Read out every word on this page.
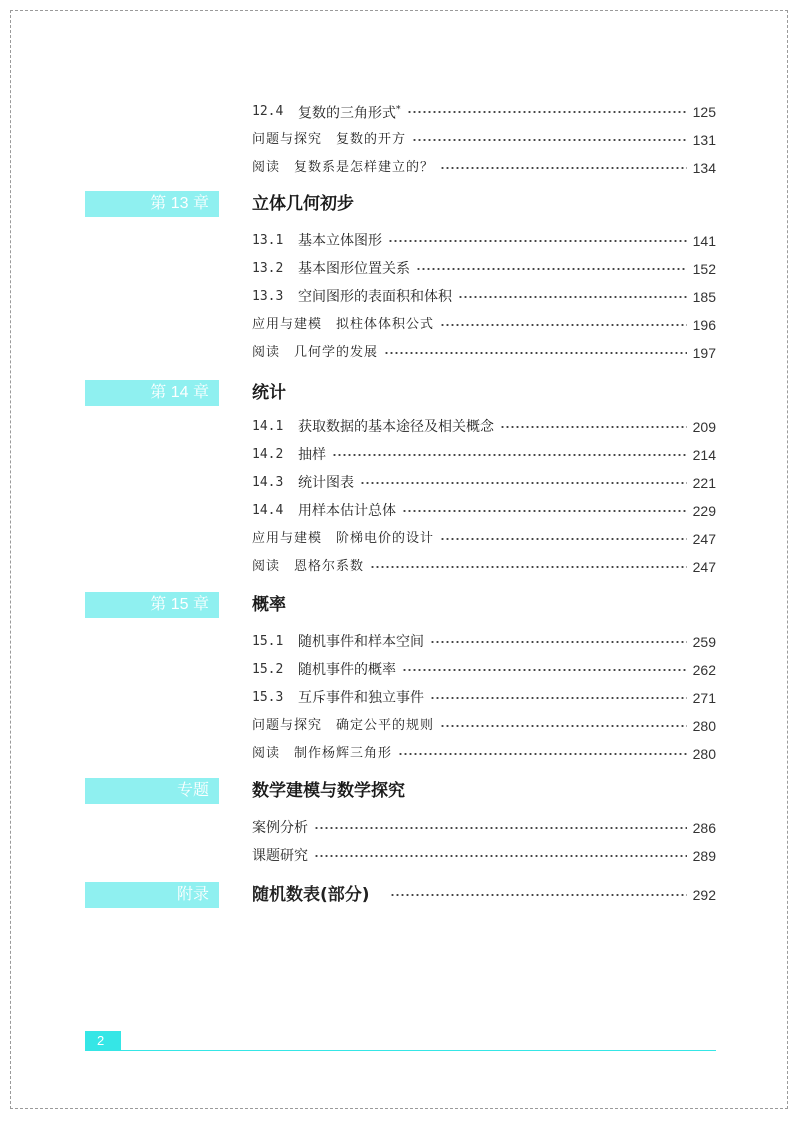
12.4	复数的三角形式*	125
问题与探究　复数的开方	131
阅读　复数系是怎样建立的？	134
第 13 章	立体几何初步
13.1	基本立体图形	141
13.2	基本图形位置关系	152
13.3	空间图形的表面积和体积	185
应用与建模　拟柱体体积公式	196
阅读　几何学的发展	197
第 14 章	统计
14.1	获取数据的基本途径及相关概念	209
14.2	抽样	214
14.3	统计图表	221
14.4	用样本估计总体	229
应用与建模　阶梯电价的设计	247
阅读　恩格尔系数	247
第 15 章	概率
15.1	随机事件和样本空间	259
15.2	随机事件的概率	262
15.3	互斥事件和独立事件	271
问题与探究　确定公平的规则	280
阅读　制作杨辉三角形	280
专题	数学建模与数学探究
案例分析	286
课题研究	289
附录	随机数表(部分)	292
2
